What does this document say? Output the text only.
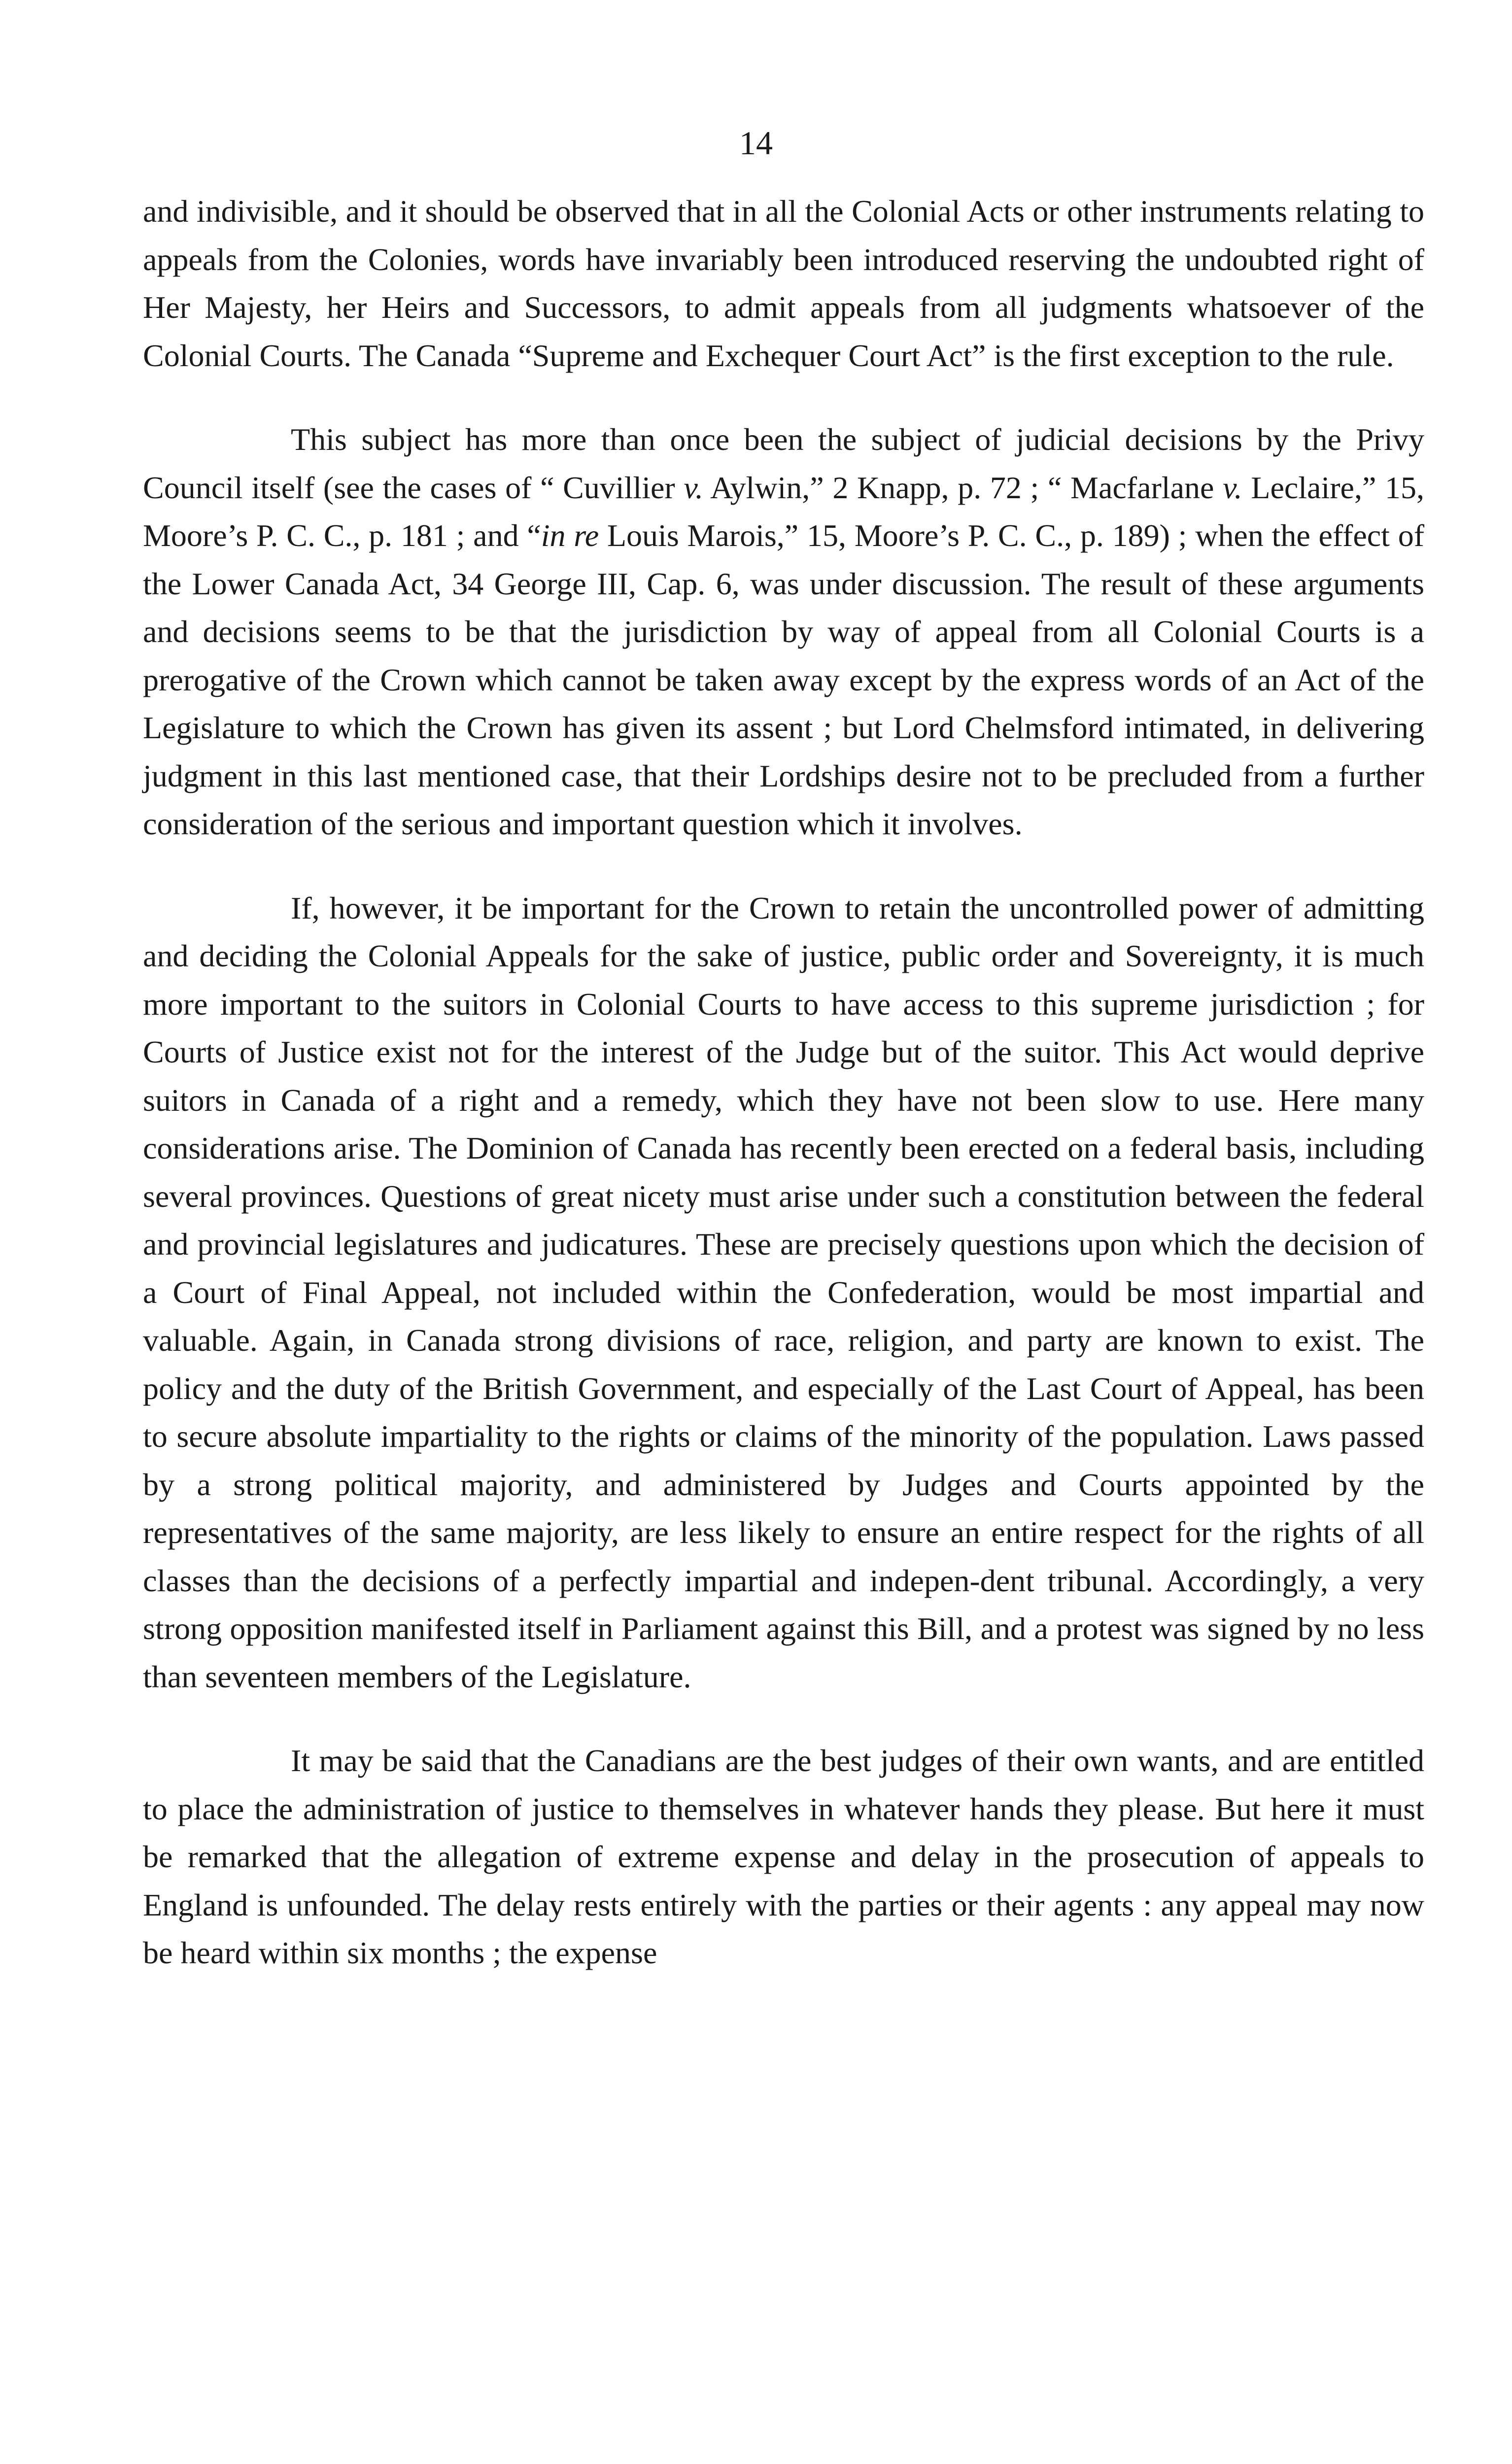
14

and indivisible, and it should be observed that in all the Colonial Acts or other instruments relating to appeals from the Colonies, words have invariably been introduced reserving the undoubted right of Her Majesty, her Heirs and Successors, to admit appeals from all judgments whatsoever of the Colonial Courts. The Canada “Supreme and Exchequer Court Act” is the first exception to the rule.

This subject has more than once been the subject of judicial decisions by the Privy Council itself (see the cases of “ Cuvillier v. Aylwin,” 2 Knapp, p. 72 ; “ Macfarlane v. Leclaire,” 15, Moore’s P. C. C., p. 181 ; and “in re Louis Marois,” 15, Moore’s P. C. C., p. 189) ; when the effect of the Lower Canada Act, 34 George III, Cap. 6, was under discussion. The result of these arguments and decisions seems to be that the jurisdiction by way of appeal from all Colonial Courts is a prerogative of the Crown which cannot be taken away except by the express words of an Act of the Legislature to which the Crown has given its assent ; but Lord Chelmsford intimated, in delivering judgment in this last mentioned case, that their Lordships desire not to be precluded from a further consideration of the serious and important question which it involves.

If, however, it be important for the Crown to retain the uncontrolled power of admitting and deciding the Colonial Appeals for the sake of justice, public order and Sovereignty, it is much more important to the suitors in Colonial Courts to have access to this supreme jurisdiction ; for Courts of Justice exist not for the interest of the Judge but of the suitor. This Act would deprive suitors in Canada of a right and a remedy, which they have not been slow to use. Here many considerations arise. The Dominion of Canada has recently been erected on a federal basis, including several provinces. Questions of great nicety must arise under such a constitution between the federal and provincial legislatures and judicatures. These are precisely questions upon which the decision of a Court of Final Appeal, not included within the Confederation, would be most impartial and valuable. Again, in Canada strong divisions of race, religion, and party are known to exist. The policy and the duty of the British Government, and especially of the Last Court of Appeal, has been to secure absolute impartiality to the rights or claims of the minority of the population. Laws passed by a strong political majority, and administered by Judges and Courts appointed by the representatives of the same majority, are less likely to ensure an entire respect for the rights of all classes than the decisions of a perfectly impartial and indepen-dent tribunal. Accordingly, a very strong opposition manifested itself in Parliament against this Bill, and a protest was signed by no less than seventeen members of the Legislature.

It may be said that the Canadians are the best judges of their own wants, and are entitled to place the administration of justice to themselves in whatever hands they please. But here it must be remarked that the allegation of extreme expense and delay in the prosecution of appeals to England is unfounded. The delay rests entirely with the parties or their agents : any appeal may now be heard within six months ; the expense
